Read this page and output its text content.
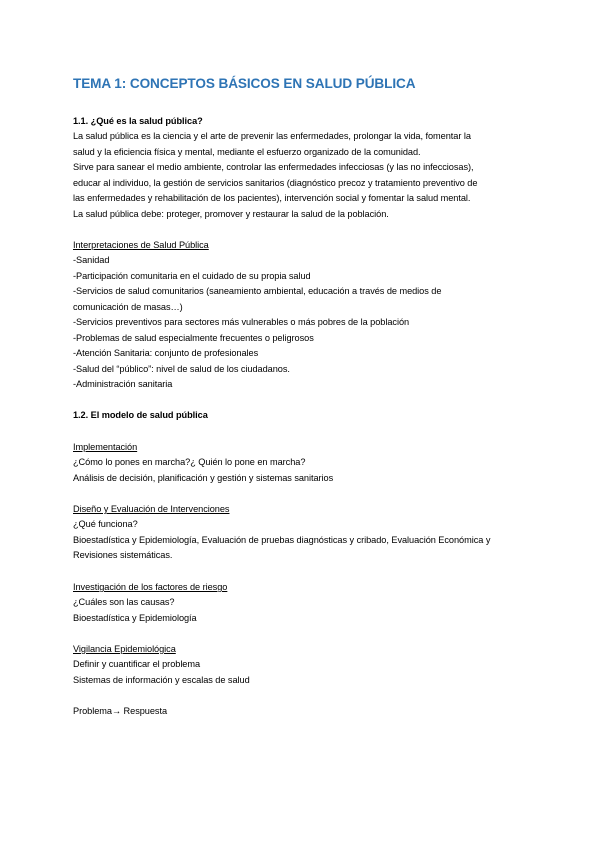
TEMA 1: CONCEPTOS BÁSICOS EN SALUD PÚBLICA

1.1. ¿Qué es la salud pública?

La salud pública es la ciencia y el arte de prevenir las enfermedades, prolongar la vida, fomentar la

salud y la eficiencia física y mental, mediante el esfuerzo organizado de la comunidad.

Sirve para sanear el medio ambiente, controlar las enfermedades infecciosas (y las no infecciosas),

educar al individuo, la gestión de servicios sanitarios (diagnóstico precoz y tratamiento preventivo de

las enfermedades y rehabilitación de los pacientes), intervención social y fomentar la salud mental.

La salud pública debe: proteger, promover y restaurar la salud de la población.

Interpretaciones de Salud Pública

-Sanidad

-Participación comunitaria en el cuidado de su propia salud

-Servicios de salud comunitarios (saneamiento ambiental, educación a través de medios de

comunicación de masas…)

-Servicios preventivos para sectores más vulnerables o más pobres de la población

-Problemas de salud especialmente frecuentes o peligrosos

-Atención Sanitaria: conjunto de profesionales

-Salud del “público”: nivel de salud de los ciudadanos.

-Administración sanitaria

1.2. El modelo de salud pública

Implementación

¿Cómo lo pones en marcha?¿ Quién lo pone en marcha?

Análisis de decisión, planificación y gestión y sistemas sanitarios

Diseño y Evaluación de Intervenciones

¿Qué funciona?

Bioestadística y Epidemiología, Evaluación de pruebas diagnósticas y cribado, Evaluación Económica y

Revisiones sistemáticas.

Investigación de los factores de riesgo

¿Cuáles son las causas?

Bioestadística y Epidemiología

Vigilancia Epidemiológica

Definir y cuantificar el problema

Sistemas de información y escalas de salud

Problema→ Respuesta
